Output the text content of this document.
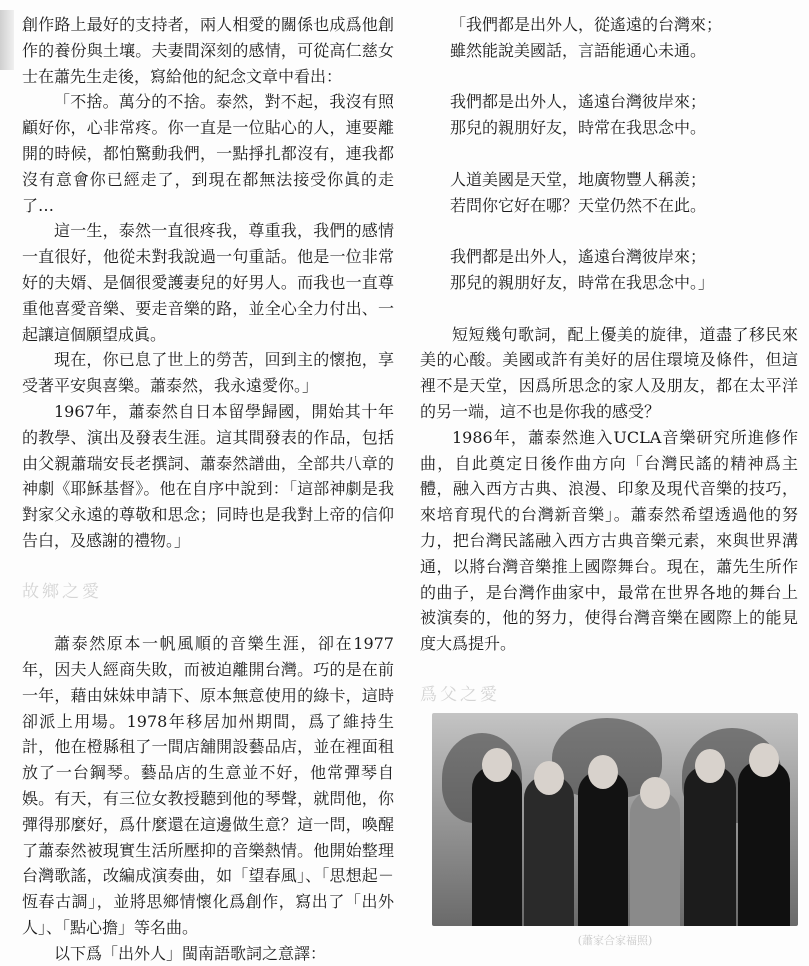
創作路上最好的支持者，兩人相愛的關係也成爲他創作的養份與土壤。夫妻間深刻的感情，可從高仁慈女士在蕭先生走後，寫給他的紀念文章中看出：

「不捨。萬分的不捨。泰然，對不起，我沒有照顧好你，心非常疼。你一直是一位貼心的人，連要離開的時候，都怕驚動我們，一點掙扎都沒有，連我都沒有意會你已經走了，到現在都無法接受你眞的走了…

這一生，泰然一直很疼我，尊重我，我們的感情一直很好，他從未對我說過一句重話。他是一位非常好的夫婿、是個很愛護妻兒的好男人。而我也一直尊重他喜愛音樂、要走音樂的路，並全心全力付出、一起讓這個願望成眞。

現在，你已息了世上的勞苦，回到主的懷抱，享受著平安與喜樂。蕭泰然，我永遠愛你。」

1967年，蕭泰然自日本留學歸國，開始其十年的教學、演出及發表生涯。這其間發表的作品，包括由父親蕭瑞安長老撰詞、蕭泰然譜曲，全部共八章的神劇《耶穌基督》。他在自序中說到：「這部神劇是我對家父永遠的尊敬和思念；同時也是我對上帝的信仰告白，及感謝的禮物。」

故鄉之愛

蕭泰然原本一帆風順的音樂生涯，卻在1977年，因夫人經商失敗，而被迫離開台灣。巧的是在前一年，藉由妹妹申請下、原本無意使用的綠卡，這時卻派上用場。1978年移居加州期間，爲了維持生計，他在橙縣租了一間店舖開設藝品店，並在裡面租放了一台鋼琴。藝品店的生意並不好，他常彈琴自娛。有天，有三位女教授聽到他的琴聲，就問他，你彈得那麼好，爲什麼還在這邊做生意？這一問，喚醒了蕭泰然被現實生活所壓抑的音樂熱情。他開始整理台灣歌謠，改編成演奏曲，如「望春風」、「思想起－恆春古調」，並將思鄉情懷化爲創作，寫出了「出外人」、「點心擔」等名曲。

以下爲「出外人」閩南語歌詞之意譯：

「我們都是出外人，從遙遠的台灣來；

雖然能說美國話，言語能通心未通。

我們都是出外人，遙遠台灣彼岸來；

那兒的親朋好友，時常在我思念中。

人道美國是天堂，地廣物豐人稱羨；

若問你它好在哪？天堂仍然不在此。

我們都是出外人，遙遠台灣彼岸來；

那兒的親朋好友，時常在我思念中。」

短短幾句歌詞，配上優美的旋律，道盡了移民來美的心酸。美國或許有美好的居住環境及條件，但這裡不是天堂，因爲所思念的家人及朋友，都在太平洋的另一端，這不也是你我的感受？

1986年，蕭泰然進入UCLA音樂研究所進修作曲，自此奠定日後作曲方向「台灣民謠的精神爲主體，融入西方古典、浪漫、印象及現代音樂的技巧，來培育現代的台灣新音樂」。蕭泰然希望透過他的努力，把台灣民謠融入西方古典音樂元素，來與世界溝通，以將台灣音樂推上國際舞台。現在，蕭先生所作的曲子，是台灣作曲家中，最常在世界各地的舞台上被演奏的，他的努力，使得台灣音樂在國際上的能見度大爲提升。

爲父之愛

(蕭家合家福照)
